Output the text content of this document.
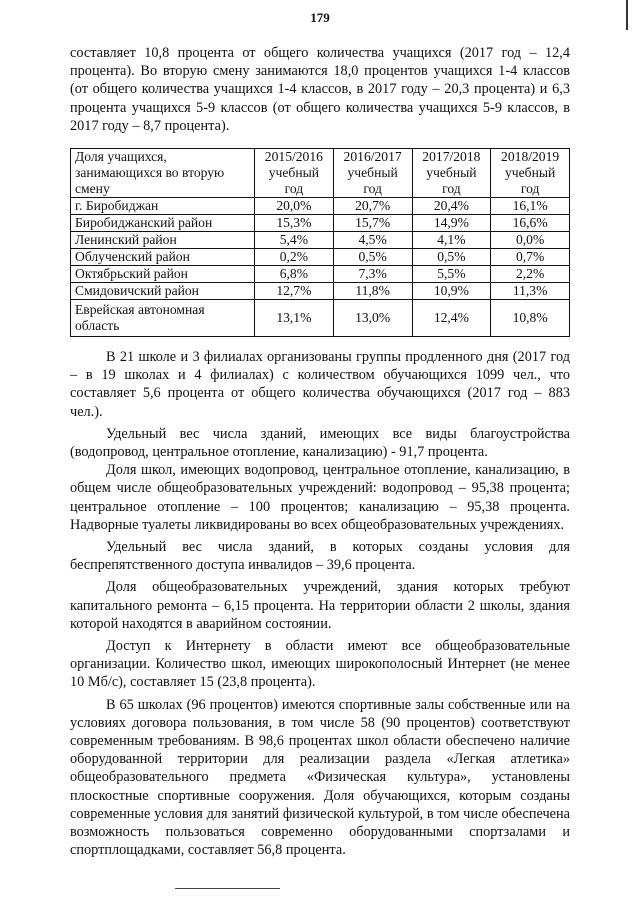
179

составляет 10,8 процента от общего количества учащихся (2017 год – 12,4 процента). Во вторую смену занимаются 18,0 процентов учащихся 1-4 классов (от общего количества учащихся 1-4 классов, в 2017 году – 20,3 процента) и 6,3 процента учащихся 5-9 классов (от общего количества учащихся 5-9 классов, в 2017 году – 8,7 процента).

Доля учащихся, занимающихся во вторую смену	2015/2016 учебный год	2016/2017 учебный год	2017/2018 учебный год	2018/2019 учебный год
г. Биробиджан	20,0%	20,7%	20,4%	16,1%
Биробиджанский район	15,3%	15,7%	14,9%	16,6%
Ленинский район	5,4%	4,5%	4,1%	0,0%
Облученский район	0,2%	0,5%	0,5%	0,7%
Октябрьский район	6,8%	7,3%	5,5%	2,2%
Смидовичский район	12,7%	11,8%	10,9%	11,3%
Еврейская автономная область	13,1%	13,0%	12,4%	10,8%

В 21 школе и 3 филиалах организованы группы продленного дня (2017 год – в 19 школах и 4 филиалах) с количеством обучающихся 1099 чел., что составляет 5,6 процента от общего количества обучающихся (2017 год – 883 чел.).

Удельный вес числа зданий, имеющих все виды благоустройства (водопровод, центральное отопление, канализацию) - 91,7 процента.

Доля школ, имеющих водопровод, центральное отопление, канализацию, в общем числе общеобразовательных учреждений: водопровод – 95,38 процента; центральное отопление – 100 процентов; канализацию – 95,38 процента. Надворные туалеты ликвидированы во всех общеобразовательных учреждениях.

Удельный вес числа зданий, в которых созданы условия для беспрепятственного доступа инвалидов – 39,6 процента.

Доля общеобразовательных учреждений, здания которых требуют капитального ремонта – 6,15 процента. На территории области 2 школы, здания которой находятся в аварийном состоянии.

Доступ к Интернету в области имеют все общеобразовательные организации. Количество школ, имеющих широкополосный Интернет (не менее 10 Мб/с), составляет 15 (23,8 процента).

В 65 школах (96 процентов) имеются спортивные залы собственные или на условиях договора пользования, в том числе 58 (90 процентов) соответствуют современным требованиям. В 98,6 процентах школ области обеспечено наличие оборудованной территории для реализации раздела «Легкая атлетика» общеобразовательного предмета «Физическая культура», установлены плоскостные спортивные сооружения. Доля обучающихся, которым созданы современные условия для занятий физической культурой, в том числе обеспечена возможность пользоваться современно оборудованными спортзалами и спортплощадками, составляет 56,8 процента.
